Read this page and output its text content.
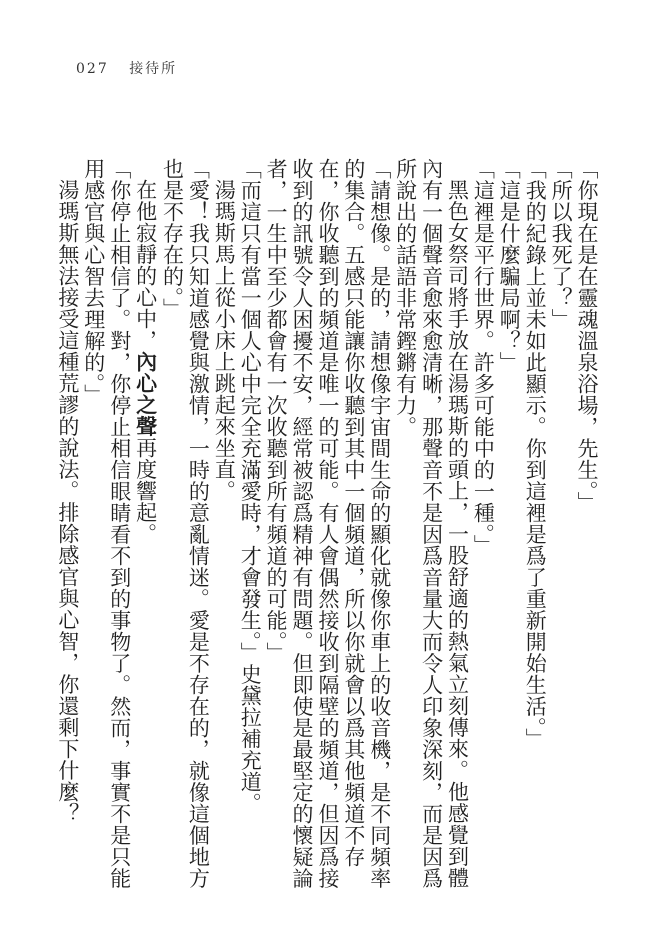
027 接待所

「你現在是在靈魂溫泉浴場，先生。」

「所以我死了？」

「我的紀錄上並未如此顯示。你到這裡是爲了重新開始生活。」

「這是什麼騙局啊？」

「這裡是平行世界。許多可能中的一種。」

黑色女祭司將手放在湯瑪斯的頭上，一股舒適的熱氣立刻傳來。他感覺到體內有一個聲音愈來愈清晰，那聲音不是因爲音量大而令人印象深刻，而是因爲所說出的話語非常鏗鏘有力。

「請想像。是的，請想像宇宙間生命的顯化就像你車上的收音機，是不同頻率的集合。五感只能讓你收聽到其中一個頻道，所以你就會以爲其他頻道不存在，你收聽到的頻道是唯一的可能。有人會偶然接收到隔壁的頻道，但因爲接收到的訊號令人困擾不安，經常被認爲精神有問題。但即使是最堅定的懷疑論者，一生中至少都會有一次收聽到所有頻道的可能。」

「而這只有當一個人心中完全充滿愛時，才會發生。」史黛拉補充道。

湯瑪斯馬上從小床上跳起來坐直。

「愛！我只知道感覺與激情，一時的意亂情迷。愛是不存在的，就像這個地方也是不存在的。」

在他寂靜的心中，內心之聲再度響起。

「你停止相信了。對，你停止相信眼睛看不到的事物了。然而，事實不是只能用感官與心智去理解的。」

湯瑪斯無法接受這種荒謬的說法。排除感官與心智，你還剩下什麼？
